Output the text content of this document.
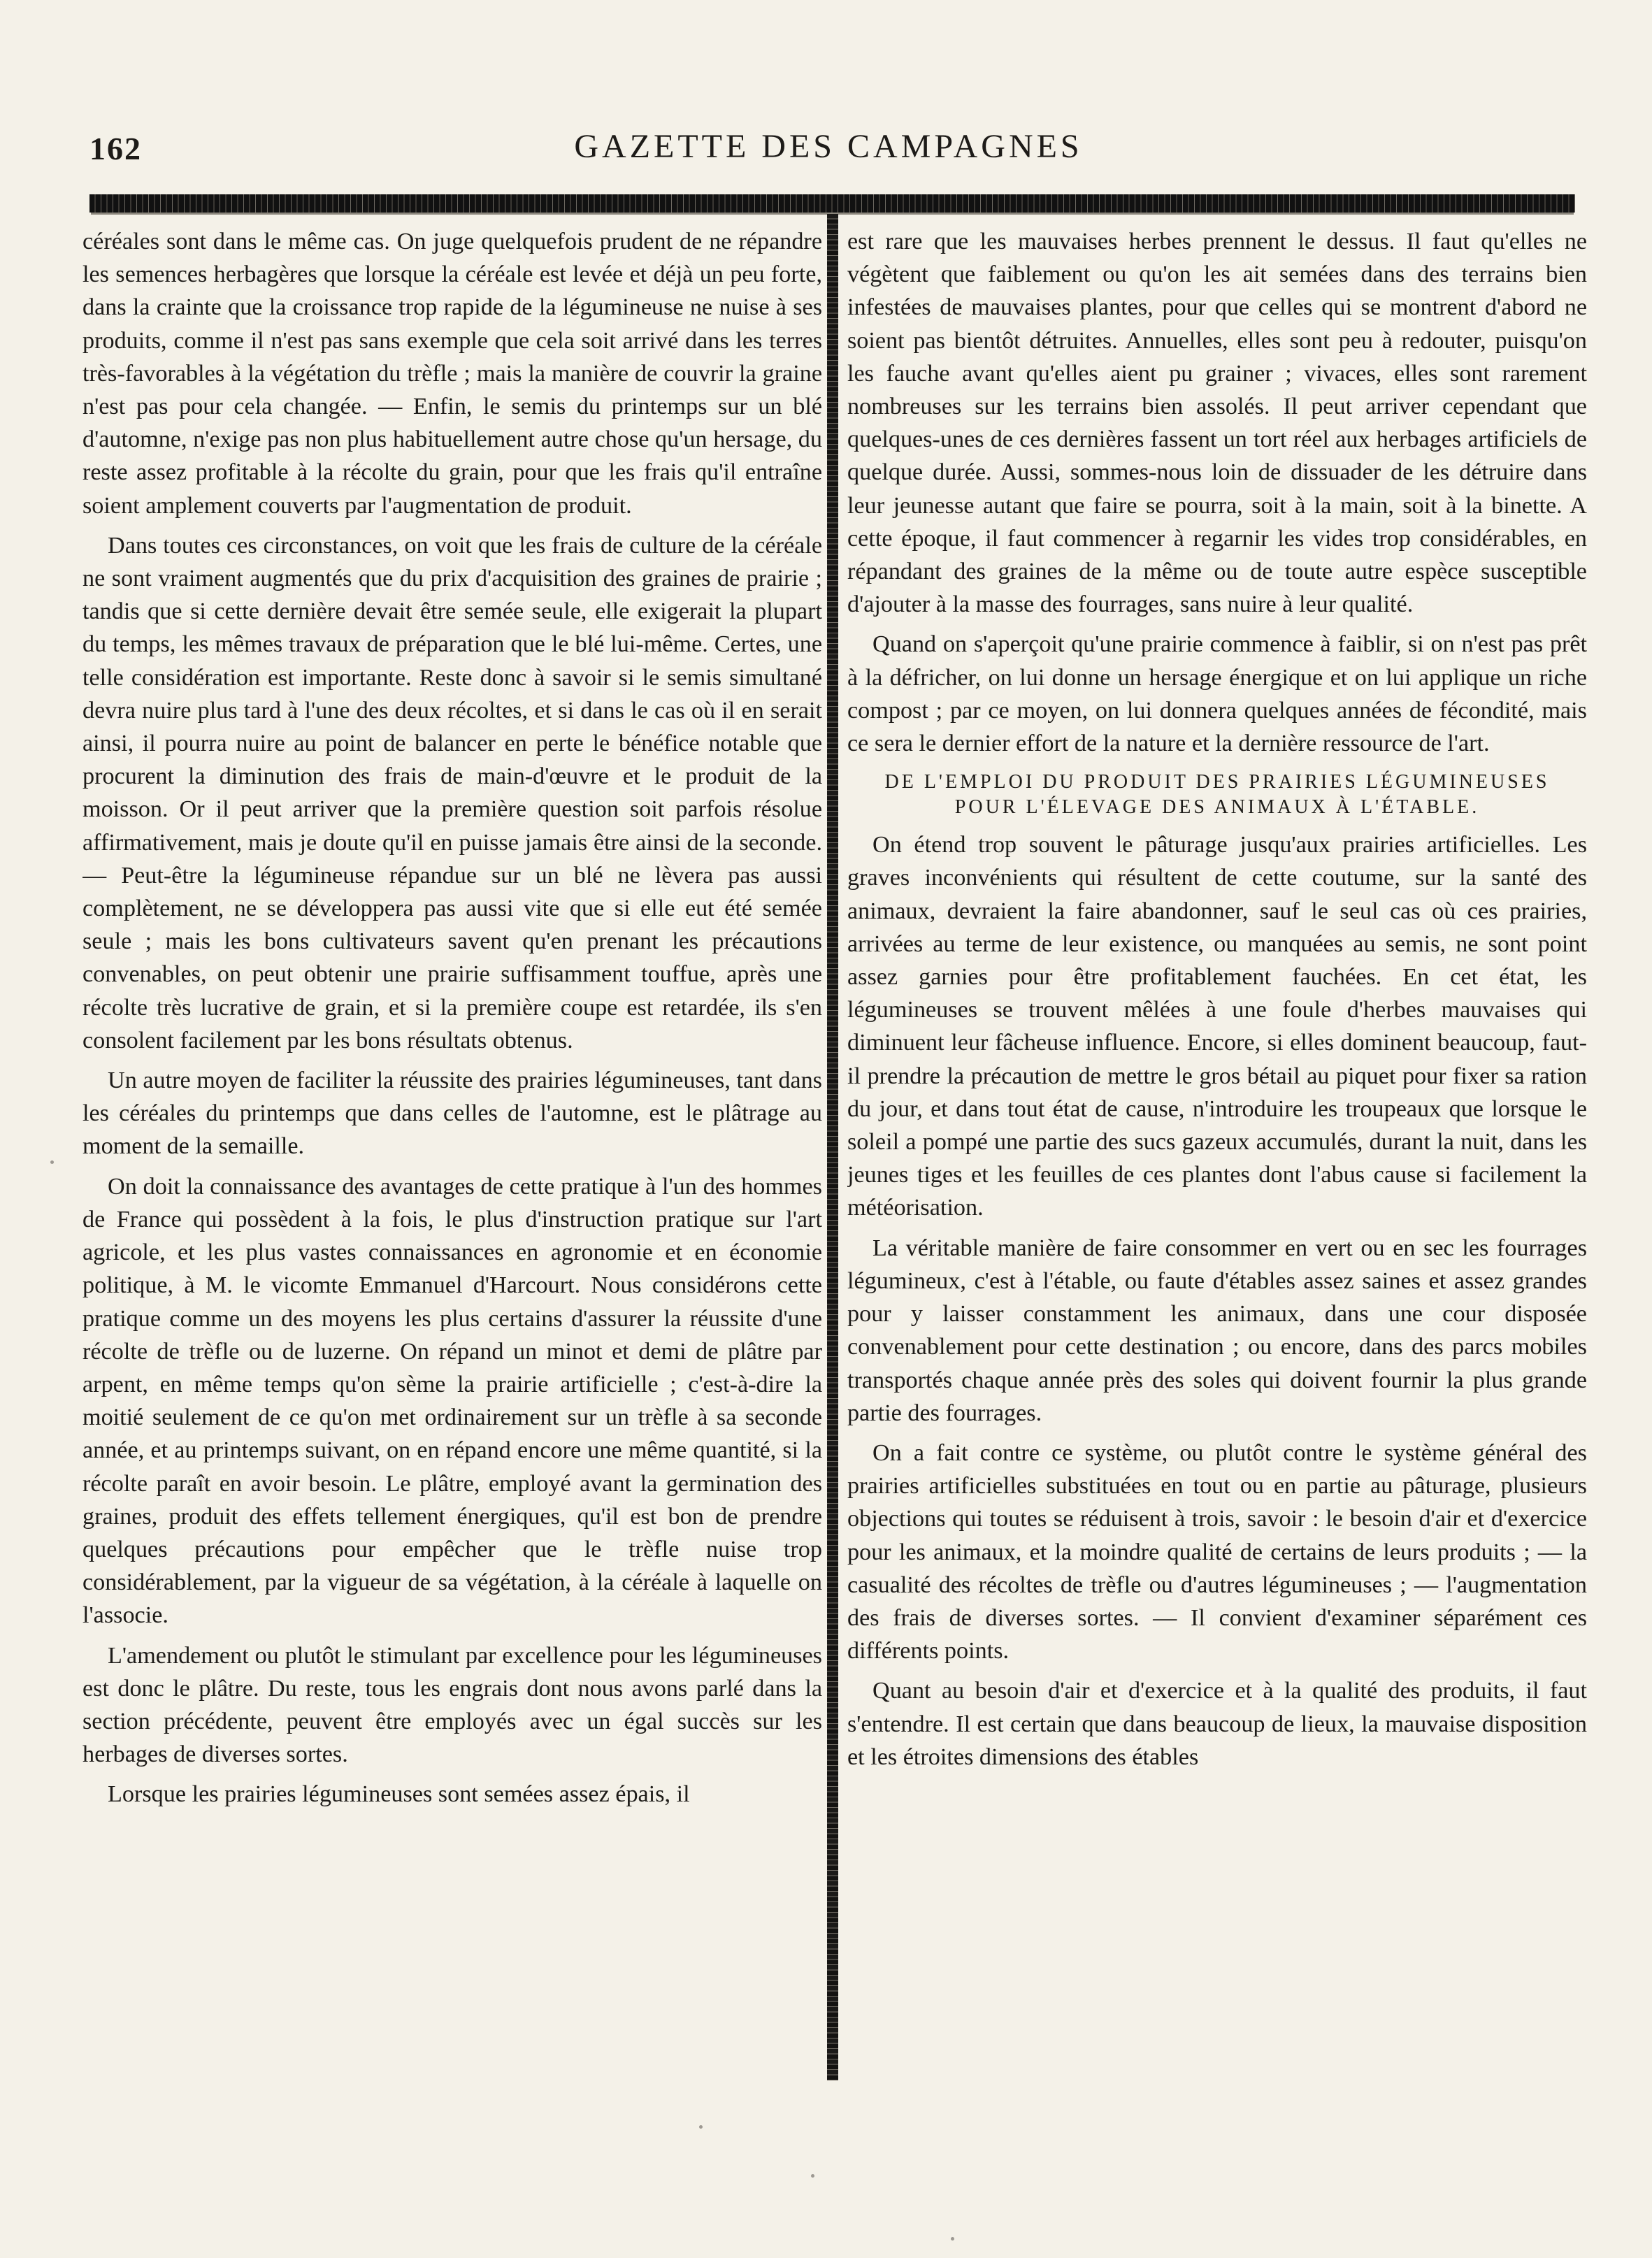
162	GAZETTE DES CAMPAGNES

céréales sont dans le même cas. On juge quelquefois prudent de ne répandre les semences herbagères que lorsque la céréale est levée et déjà un peu forte, dans la crainte que la croissance trop rapide de la légumineuse ne nuise à ses produits, comme il n'est pas sans exemple que cela soit arrivé dans les terres très-favorables à la végétation du trèfle ; mais la manière de couvrir la graine n'est pas pour cela changée. — Enfin, le semis du printemps sur un blé d'automne, n'exige pas non plus habituellement autre chose qu'un hersage, du reste assez profitable à la récolte du grain, pour que les frais qu'il entraîne soient amplement couverts par l'augmentation de produit.

Dans toutes ces circonstances, on voit que les frais de culture de la céréale ne sont vraiment augmentés que du prix d'acquisition des graines de prairie ; tandis que si cette dernière devait être semée seule, elle exigerait la plupart du temps, les mêmes travaux de préparation que le blé lui-même. Certes, une telle considération est importante. Reste donc à savoir si le semis simultané devra nuire plus tard à l'une des deux récoltes, et si dans le cas où il en serait ainsi, il pourra nuire au point de balancer en perte le bénéfice notable que procurent la diminution des frais de main-d'œuvre et le produit de la moisson. Or il peut arriver que la première question soit parfois résolue affirmativement, mais je doute qu'il en puisse jamais être ainsi de la seconde. — Peut-être la légumineuse répandue sur un blé ne lèvera pas aussi complètement, ne se développera pas aussi vite que si elle eut été semée seule ; mais les bons cultivateurs savent qu'en prenant les précautions convenables, on peut obtenir une prairie suffisamment touffue, après une récolte très lucrative de grain, et si la première coupe est retardée, ils s'en consolent facilement par les bons résultats obtenus.

Un autre moyen de faciliter la réussite des prairies légumineuses, tant dans les céréales du printemps que dans celles de l'automne, est le plâtrage au moment de la semaille.

On doit la connaissance des avantages de cette pratique à l'un des hommes de France qui possèdent à la fois, le plus d'instruction pratique sur l'art agricole, et les plus vastes connaissances en agronomie et en économie politique, à M. le vicomte Emmanuel d'Harcourt. Nous considérons cette pratique comme un des moyens les plus certains d'assurer la réussite d'une récolte de trèfle ou de luzerne. On répand un minot et demi de plâtre par arpent, en même temps qu'on sème la prairie artificielle ; c'est-à-dire la moitié seulement de ce qu'on met ordinairement sur un trèfle à sa seconde année, et au printemps suivant, on en répand encore une même quantité, si la récolte paraît en avoir besoin. Le plâtre, employé avant la germination des graines, produit des effets tellement énergiques, qu'il est bon de prendre quelques précautions pour empêcher que le trèfle nuise trop considérablement, par la vigueur de sa végétation, à la céréale à laquelle on l'associe.

L'amendement ou plutôt le stimulant par excellence pour les légumineuses est donc le plâtre. Du reste, tous les engrais dont nous avons parlé dans la section précédente, peuvent être employés avec un égal succès sur les herbages de diverses sortes.

Lorsque les prairies légumineuses sont semées assez épais, il

est rare que les mauvaises herbes prennent le dessus. Il faut qu'elles ne végètent que faiblement ou qu'on les ait semées dans des terrains bien infestées de mauvaises plantes, pour que celles qui se montrent d'abord ne soient pas bientôt détruites. Annuelles, elles sont peu à redouter, puisqu'on les fauche avant qu'elles aient pu grainer ; vivaces, elles sont rarement nombreuses sur les terrains bien assolés. Il peut arriver cependant que quelques-unes de ces dernières fassent un tort réel aux herbages artificiels de quelque durée. Aussi, sommes-nous loin de dissuader de les détruire dans leur jeunesse autant que faire se pourra, soit à la main, soit à la binette. A cette époque, il faut commencer à regarnir les vides trop considérables, en répandant des graines de la même ou de toute autre espèce susceptible d'ajouter à la masse des fourrages, sans nuire à leur qualité.

Quand on s'aperçoit qu'une prairie commence à faiblir, si on n'est pas prêt à la défricher, on lui donne un hersage énergique et on lui applique un riche compost ; par ce moyen, on lui donnera quelques années de fécondité, mais ce sera le dernier effort de la nature et la dernière ressource de l'art.

DE L'EMPLOI DU PRODUIT DES PRAIRIES LÉGUMINEUSES
POUR L'ÉLEVAGE DES ANIMAUX À L'ÉTABLE.

On étend trop souvent le pâturage jusqu'aux prairies artificielles. Les graves inconvénients qui résultent de cette coutume, sur la santé des animaux, devraient la faire abandonner, sauf le seul cas où ces prairies, arrivées au terme de leur existence, ou manquées au semis, ne sont point assez garnies pour être profitablement fauchées. En cet état, les légumineuses se trouvent mêlées à une foule d'herbes mauvaises qui diminuent leur fâcheuse influence. Encore, si elles dominent beaucoup, faut-il prendre la précaution de mettre le gros bétail au piquet pour fixer sa ration du jour, et dans tout état de cause, n'introduire les troupeaux que lorsque le soleil a pompé une partie des sucs gazeux accumulés, durant la nuit, dans les jeunes tiges et les feuilles de ces plantes dont l'abus cause si facilement la météorisation.

La véritable manière de faire consommer en vert ou en sec les fourrages légumineux, c'est à l'étable, ou faute d'étables assez saines et assez grandes pour y laisser constamment les animaux, dans une cour disposée convenablement pour cette destination ; ou encore, dans des parcs mobiles transportés chaque année près des soles qui doivent fournir la plus grande partie des fourrages.

On a fait contre ce système, ou plutôt contre le système général des prairies artificielles substituées en tout ou en partie au pâturage, plusieurs objections qui toutes se réduisent à trois, savoir : le besoin d'air et d'exercice pour les animaux, et la moindre qualité de certains de leurs produits ; — la casualité des récoltes de trèfle ou d'autres légumineuses ; — l'augmentation des frais de diverses sortes. — Il convient d'examiner séparément ces différents points.

Quant au besoin d'air et d'exercice et à la qualité des produits, il faut s'entendre. Il est certain que dans beaucoup de lieux, la mauvaise disposition et les étroites dimensions des étables
